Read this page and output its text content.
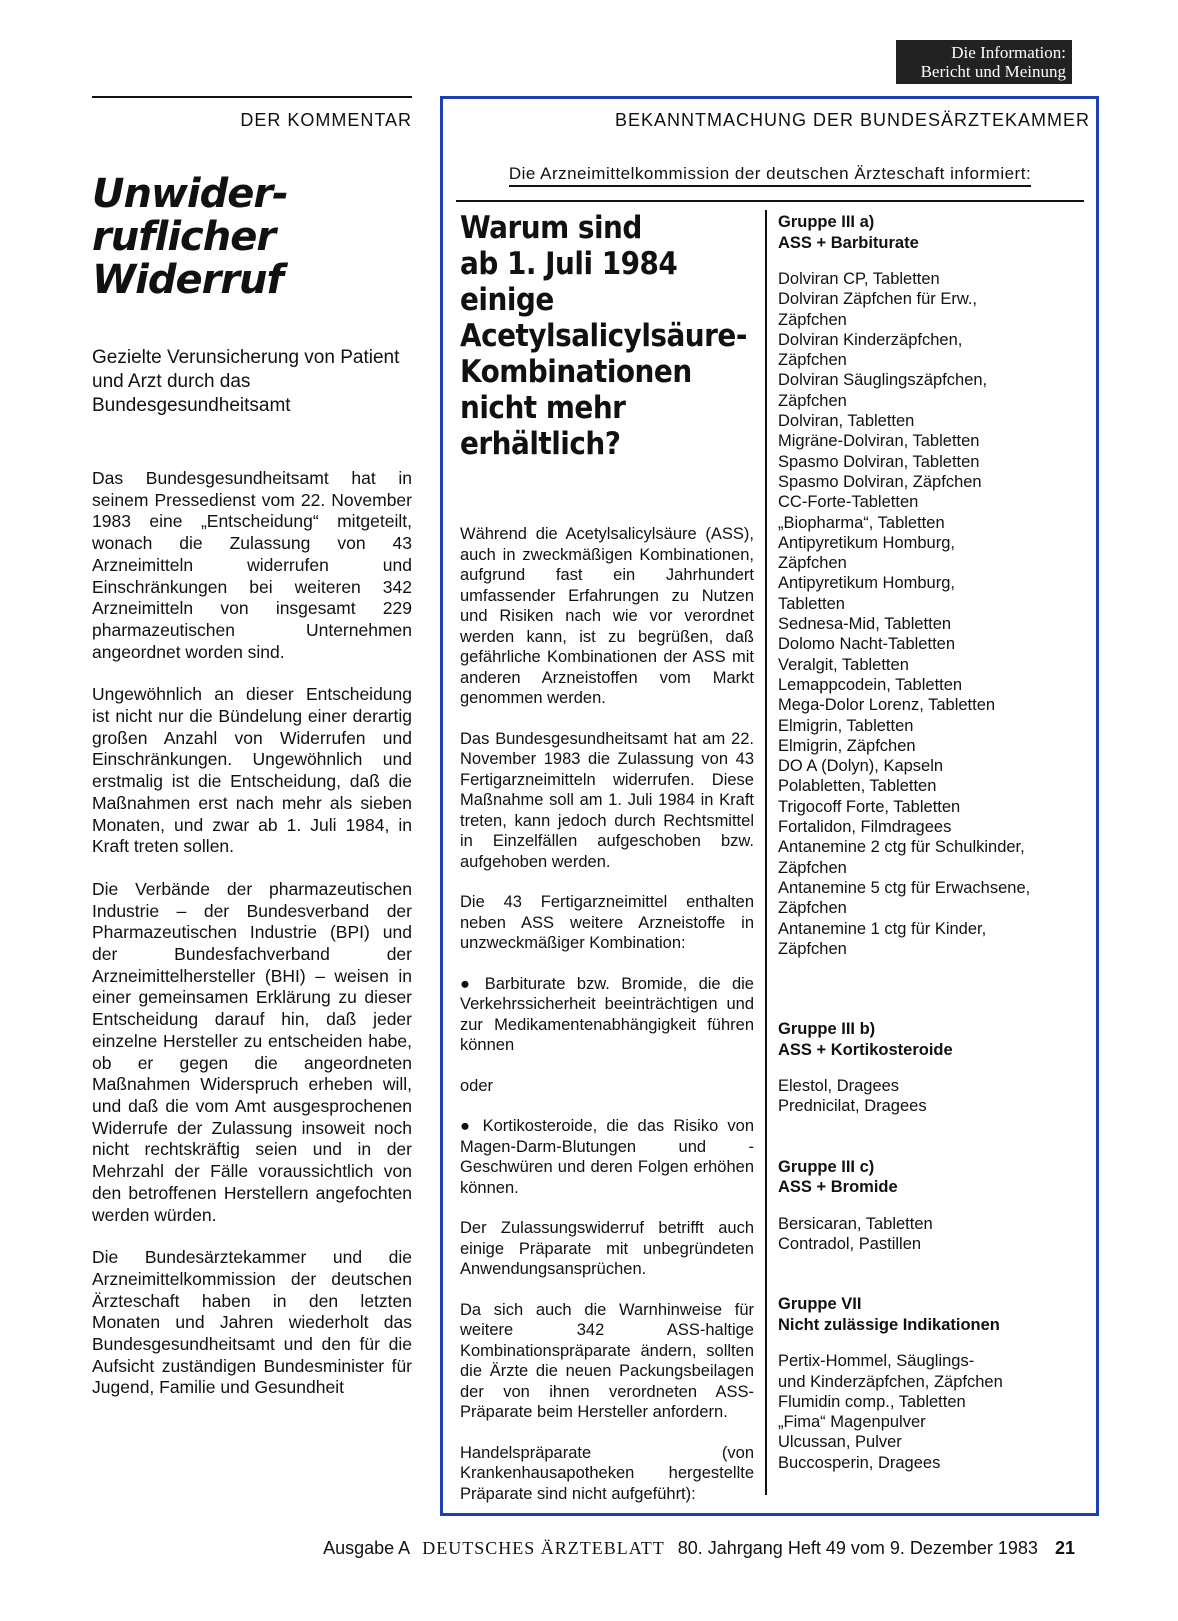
Die Information:
Bericht und Meinung
DER KOMMENTAR
Unwider-
ruflicher
Widerruf
Gezielte Verunsicherung von Patient und Arzt durch das Bundesgesundheitsamt

Das Bundesgesundheitsamt hat in seinem Pressedienst vom 22. November 1983 eine „Entscheidung“ mitgeteilt, wonach die Zulassung von 43 Arzneimitteln widerrufen und Einschränkungen bei weiteren 342 Arzneimitteln von insgesamt 229 pharmazeutischen Unternehmen angeordnet worden sind.

Ungewöhnlich an dieser Entscheidung ist nicht nur die Bündelung einer derartig großen Anzahl von Widerrufen und Einschränkungen. Ungewöhnlich und erstmalig ist die Entscheidung, daß die Maßnahmen erst nach mehr als sieben Monaten, und zwar ab 1. Juli 1984, in Kraft treten sollen.

Die Verbände der pharmazeutischen Industrie – der Bundesverband der Pharmazeutischen Industrie (BPI) und der Bundesfachverband der Arzneimittelhersteller (BHI) – weisen in einer gemeinsamen Erklärung zu dieser Entscheidung darauf hin, daß jeder einzelne Hersteller zu entscheiden habe, ob er gegen die angeordneten Maßnahmen Widerspruch erheben will, und daß die vom Amt ausgesprochenen Widerrufe der Zulassung insoweit noch nicht rechtskräftig seien und in der Mehrzahl der Fälle voraussichtlich von den betroffenen Herstellern angefochten werden würden.

Die Bundesärztekammer und die Arzneimittelkommission der deutschen Ärzteschaft haben in den letzten Monaten und Jahren wiederholt das Bundesgesundheitsamt und den für die Aufsicht zuständigen Bundesminister für Jugend, Familie und Gesundheit

BEKANNTMACHUNG DER BUNDESÄRZTEKAMMER
Die Arzneimittelkommission der deutschen Ärzteschaft informiert:
Warum sind
ab 1. Juli 1984 einige
Acetylsalicylsäure-
Kombinationen
nicht mehr erhältlich?

Während die Acetylsalicylsäure (ASS), auch in zweckmäßigen Kombinationen, aufgrund fast ein Jahrhundert umfassender Erfahrungen zu Nutzen und Risiken nach wie vor verordnet werden kann, ist zu begrüßen, daß gefährliche Kombinationen der ASS mit anderen Arzneistoffen vom Markt genommen werden.

Das Bundesgesundheitsamt hat am 22. November 1983 die Zulassung von 43 Fertigarzneimitteln widerrufen. Diese Maßnahme soll am 1. Juli 1984 in Kraft treten, kann jedoch durch Rechtsmittel in Einzelfällen aufgeschoben bzw. aufgehoben werden.

Die 43 Fertigarzneimittel enthalten neben ASS weitere Arzneistoffe in unzweckmäßiger Kombination:

● Barbiturate bzw. Bromide, die die Verkehrssicherheit beeinträchtigen und zur Medikamentenabhängigkeit führen können

oder

● Kortikosteroide, die das Risiko von Magen-Darm-Blutungen und -Geschwüren und deren Folgen erhöhen können.

Der Zulassungswiderruf betrifft auch einige Präparate mit unbegründeten Anwendungsansprüchen.

Da sich auch die Warnhinweise für weitere 342 ASS-haltige Kombinationspräparate ändern, sollten die Ärzte die neuen Packungsbeilagen der von ihnen verordneten ASS-Präparate beim Hersteller anfordern.

Handelspräparate (von Krankenhausapotheken hergestellte Präparate sind nicht aufgeführt):

Gruppe III a)
ASS + Barbiturate
Dolviran CP, Tabletten
Dolviran Zäpfchen für Erw.,
Zäpfchen
Dolviran Kinderzäpfchen,
Zäpfchen
Dolviran Säuglingszäpfchen,
Zäpfchen
Dolviran, Tabletten
Migräne-Dolviran, Tabletten
Spasmo Dolviran, Tabletten
Spasmo Dolviran, Zäpfchen
CC-Forte-Tabletten
„Biopharma“, Tabletten
Antipyretikum Homburg,
Zäpfchen
Antipyretikum Homburg,
Tabletten
Sednesa-Mid, Tabletten
Dolomo Nacht-Tabletten
Veralgit, Tabletten
Lemappcodein, Tabletten
Mega-Dolor Lorenz, Tabletten
Elmigrin, Tabletten
Elmigrin, Zäpfchen
DO A (Dolyn), Kapseln
Polabletten, Tabletten
Trigocoff Forte, Tabletten
Fortalidon, Filmdragees
Antanemine 2 ctg für Schulkinder,
Zäpfchen
Antanemine 5 ctg für Erwachsene,
Zäpfchen
Antanemine 1 ctg für Kinder,
Zäpfchen
Gruppe III b)
ASS + Kortikosteroide
Elestol, Dragees
Prednicilat, Dragees
Gruppe III c)
ASS + Bromide
Bersicaran, Tabletten
Contradol, Pastillen
Gruppe VII
Nicht zulässige Indikationen
Pertix-Hommel, Säuglings-
und Kinderzäpfchen, Zäpfchen
Flumidin comp., Tabletten
„Fima“ Magenpulver
Ulcussan, Pulver
Buccosperin, Dragees
Ausgabe A DEUTSCHES ÄRZTEBLATT 80. Jahrgang Heft 49 vom 9. Dezember 1983 21
